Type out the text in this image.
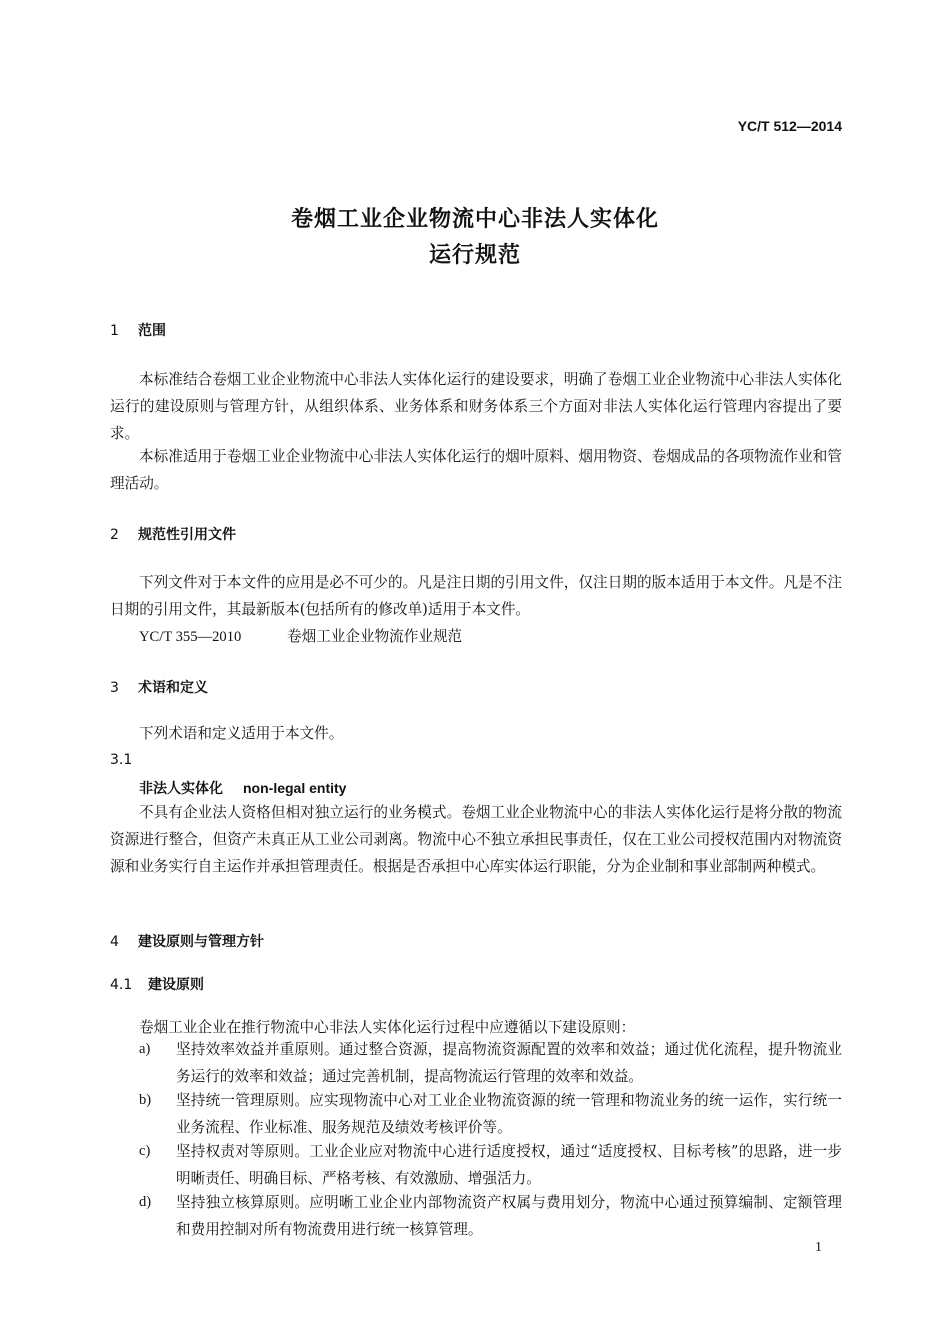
YC/T 512—2014
卷烟工业企业物流中心非法人实体化
运行规范
1 范围
本标准结合卷烟工业企业物流中心非法人实体化运行的建设要求，明确了卷烟工业企业物流中心非法人实体化运行的建设原则与管理方针，从组织体系、业务体系和财务体系三个方面对非法人实体化运行管理内容提出了要求。
本标准适用于卷烟工业企业物流中心非法人实体化运行的烟叶原料、烟用物资、卷烟成品的各项物流作业和管理活动。
2 规范性引用文件
下列文件对于本文件的应用是必不可少的。凡是注日期的引用文件，仅注日期的版本适用于本文件。凡是不注日期的引用文件，其最新版本(包括所有的修改单)适用于本文件。
YC/T 355—2010	卷烟工业企业物流作业规范
3 术语和定义
下列术语和定义适用于本文件。
3.1
非法人实体化 non-legal entity
不具有企业法人资格但相对独立运行的业务模式。卷烟工业企业物流中心的非法人实体化运行是将分散的物流资源进行整合，但资产未真正从工业公司剥离。物流中心不独立承担民事责任，仅在工业公司授权范围内对物流资源和业务实行自主运作并承担管理责任。根据是否承担中心库实体运行职能，分为企业制和事业部制两种模式。
4 建设原则与管理方针
4.1 建设原则
卷烟工业企业在推行物流中心非法人实体化运行过程中应遵循以下建设原则：
a)	坚持效率效益并重原则。通过整合资源，提高物流资源配置的效率和效益；通过优化流程，提升物流业务运行的效率和效益；通过完善机制，提高物流运行管理的效率和效益。
b)	坚持统一管理原则。应实现物流中心对工业企业物流资源的统一管理和物流业务的统一运作，实行统一业务流程、作业标准、服务规范及绩效考核评价等。
c)	坚持权责对等原则。工业企业应对物流中心进行适度授权，通过“适度授权、目标考核”的思路，进一步明晰责任、明确目标、严格考核、有效激励、增强活力。
d)	坚持独立核算原则。应明晰工业企业内部物流资产权属与费用划分，物流中心通过预算编制、定额管理和费用控制对所有物流费用进行统一核算管理。
1
